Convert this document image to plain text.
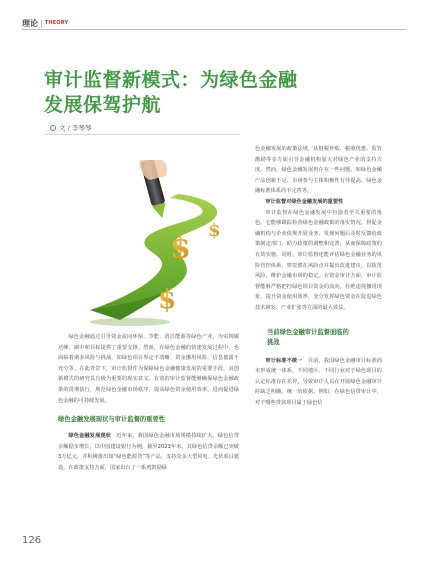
理论 | THEORY
审计监督新模式：为绿色金融
发展保驾护航
文 / 李琴琴
$
$
$

绿色金融通过引导资金流向环保、节能、清洁能源等绿色产业，为实现碳达峰、碳中和目标提供了重要支撑。然而，在绿色金融的快速发展过程中，也面临着诸多风险与挑战。如绿色项目界定不清晰、资金挪用风险、信息披露不充分等。在此背景下，审计监督作为保障绿色金融健康发展的重要手段，其创新模式的研究具有极为重要的现实意义。有效的审计监督能够确保绿色金融政策的贯彻执行，规范绿色金融市场秩序，提高绿色资金使用效率，进而促进绿色金融的可持续发展。

绿色金融发展现状与审计监督的重要性

绿色金融发展现状　 近年来，我国绿色金融市场规模持续扩大。绿色信贷余额稳步增长，以中国建设银行为例，截至2023年末，其绿色信贷余额已突破3万亿元，并积极推出如“绿色能源贷”等产品，支持众多大型风电、光伏项目建设。在政策支持方面，国家出台了一系列鼓励绿

色金融发展的政策法规，从财税补贴、税收优惠、监管激励等多方面引导金融机构加大对绿色产业的支持力度。然而，绿色金融发展仍存在一些问题。如绿色金融产品创新不足、市场参与主体积极性有待提高、绿色金融标准体系尚不完善等。

审计监督对绿色金融发展的重要性

审计监督在绿色金融发展中扮演着至关重要的角色。它能够跟踪检查绿色金融政策的落实情况，督促金融机构与企业依规开展业务，发现问题后及时反馈给政策制定部门，助力政策的调整和完善，从而保障政策的有效实施。同时，审计监督还能评估绿色金融业务的风险管控体系，察觉潜在风险点并提出改进建议，以防范风险，维护金融市场的稳定。在资金审计方面，审计监督能够严格把控绿色项目资金的流向，杜绝违规挪用现象，提升资金使用效率，充分发挥绿色资金在促进绿色技术研发、产业扩张等方面的最大效益。

当前绿色金融审计监督面临的
挑战

审计标准不统一　 目前，我国绿色金融审计标准尚未形成统一体系，不同地区、不同行业对于绿色项目的认定标准存在差异，导致审计人员在开展绿色金融审计时缺乏明确、统一的依据。例如，在绿色信贷审计中，对于哪些贷款项目属于绿色信

126
